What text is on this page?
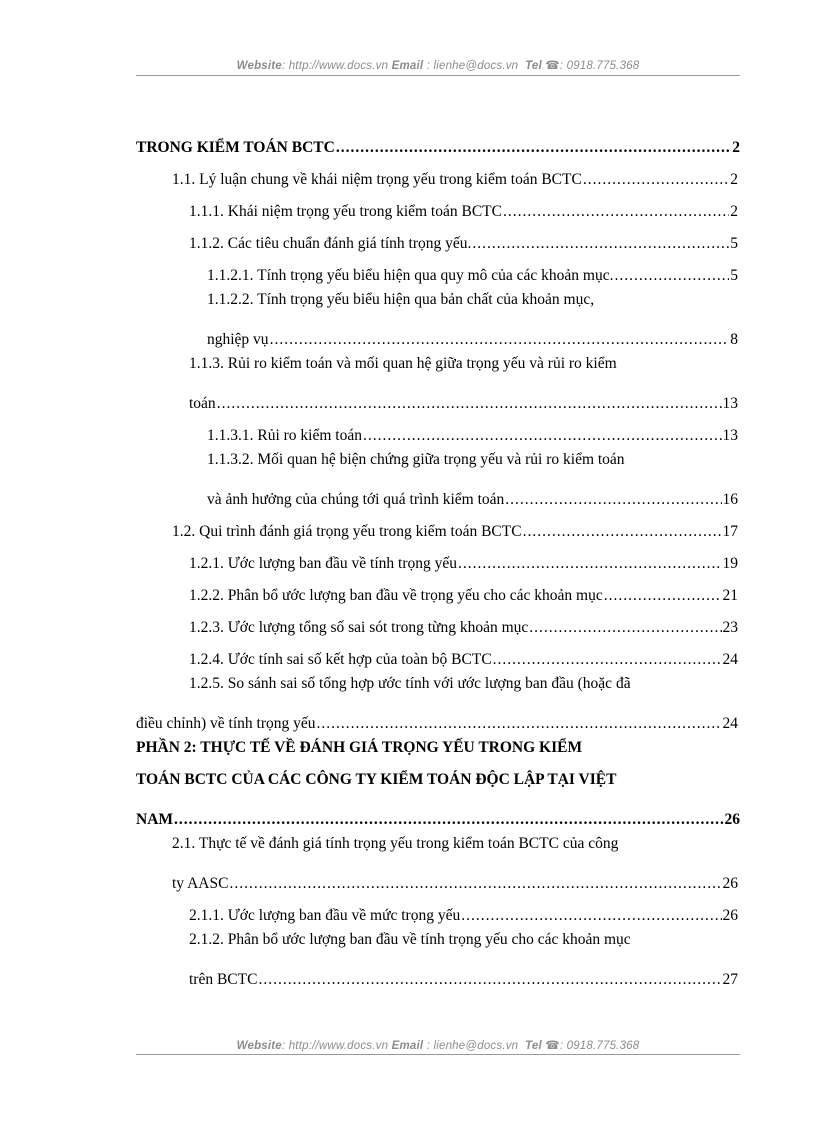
Website: http://www.docs.vn Email : lienhe@docs.vn Tel ☎: 0918.775.368
TRONG KIỂM TOÁN BCTC .....	2
1.1. Lý luận chung về khái niệm trọng yếu trong kiểm toán BCTC .....	2
1.1.1. Khái niệm trọng yếu trong kiểm toán BCTC .....	2
1.1.2. Các tiêu chuẩn đánh giá tính trọng yếu. .....	5
1.1.2.1. Tính trọng yếu biểu hiện qua quy mô của các khoản mục. .....	5
1.1.2.2. Tính trọng yếu biểu hiện qua bản chất của khoản mục,
nghiệp vụ .....	8
1.1.3. Rủi ro kiểm toán và mối quan hệ giữa trọng yếu và rủi ro kiểm
toán .....	13
1.1.3.1. Rủi ro kiểm toán .....	13
1.1.3.2. Mối quan hệ biện chứng giữa trọng yếu và rủi ro kiểm toán
và ảnh hưởng của chúng tới quá trình kiểm toán .....	16
1.2. Qui trình đánh giá trọng yếu trong kiểm toán BCTC .....	17
1.2.1. Ước lượng ban đầu về tính trọng yếu .....	19
1.2.2. Phân bổ ước lượng ban đầu về trọng yếu cho các khoản mục .....	21
1.2.3. Ước lượng tổng số sai sót trong từng khoản mục .....	23
1.2.4. Ước tính sai số kết hợp của toàn bộ BCTC .....	24
1.2.5. So sánh sai số tổng hợp ước tính với ước lượng ban đầu (hoặc đã
điều chỉnh) về tính trọng yếu .....	24
PHẦN 2: THỰC TẾ VỀ ĐÁNH GIÁ TRỌNG YẾU TRONG KIỂM
TOÁN BCTC CỦA CÁC CÔNG TY KIỂM TOÁN ĐỘC LẬP TẠI VIỆT
NAM .....	26
2.1. Thực tế về đánh giá tính trọng yếu trong kiểm toán BCTC của công
ty AASC .....	26
2.1.1. Ước lượng ban đầu về mức trọng yếu .....	26
2.1.2. Phân bổ ước lượng ban đầu về tính trọng yếu cho các khoản mục
trên BCTC .....	27
Website: http://www.docs.vn Email : lienhe@docs.vn Tel ☎: 0918.775.368
